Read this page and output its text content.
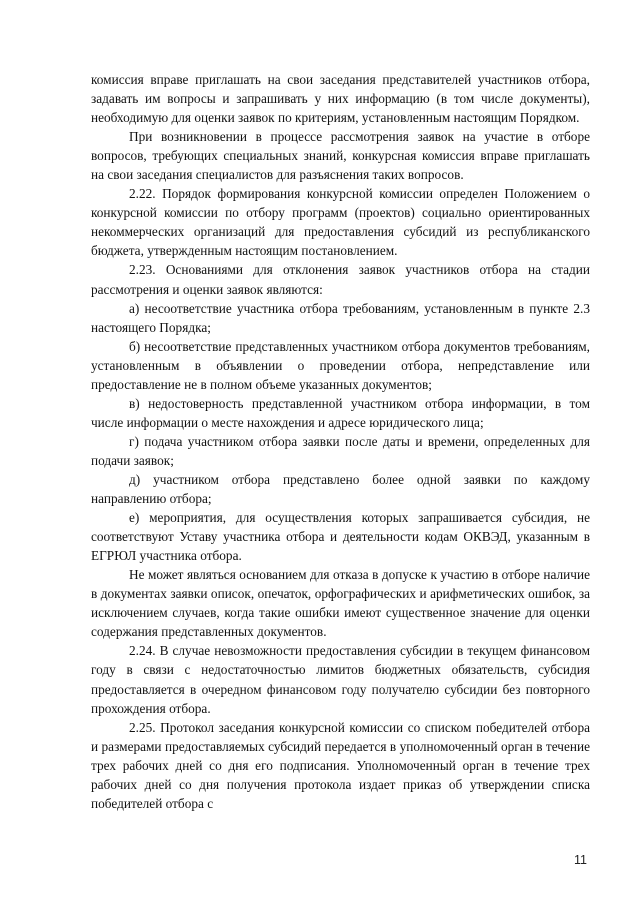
комиссия вправе приглашать на свои заседания представителей участников отбора, задавать им вопросы и запрашивать у них информацию (в том числе документы), необходимую для оценки заявок по критериям, установленным настоящим Порядком.

При возникновении в процессе рассмотрения заявок на участие в отборе вопросов, требующих специальных знаний, конкурсная комиссия вправе приглашать на свои заседания специалистов для разъяснения таких вопросов.

2.22. Порядок формирования конкурсной комиссии определен Положением о конкурсной комиссии по отбору программ (проектов) социально ориентированных некоммерческих организаций для предоставления субсидий из республиканского бюджета, утвержденным настоящим постановлением.

2.23. Основаниями для отклонения заявок участников отбора на стадии рассмотрения и оценки заявок являются:

а) несоответствие участника отбора требованиям, установленным в пункте 2.3 настоящего Порядка;

б) несоответствие представленных участником отбора документов требованиям, установленным в объявлении о проведении отбора, непредставление или предоставление не в полном объеме указанных документов;

в) недостоверность представленной участником отбора информации, в том числе информации о месте нахождения и адресе юридического лица;

г) подача участником отбора заявки после даты и времени, определенных для подачи заявок;

д) участником отбора представлено более одной заявки по каждому направлению отбора;

е) мероприятия, для осуществления которых запрашивается субсидия, не соответствуют Уставу участника отбора и деятельности кодам ОКВЭД, указанным в ЕГРЮЛ участника отбора.

Не может являться основанием для отказа в допуске к участию в отборе наличие в документах заявки описок, опечаток, орфографических и арифметических ошибок, за исключением случаев, когда такие ошибки имеют существенное значение для оценки содержания представленных документов.

2.24. В случае невозможности предоставления субсидии в текущем финансовом году в связи с недостаточностью лимитов бюджетных обязательств, субсидия предоставляется в очередном финансовом году получателю субсидии без повторного прохождения отбора.

2.25. Протокол заседания конкурсной комиссии со списком победителей отбора и размерами предоставляемых субсидий передается в уполномоченный орган в течение трех рабочих дней со дня его подписания. Уполномоченный орган в течение трех рабочих дней со дня получения протокола издает приказ об утверждении списка победителей отбора с

11
